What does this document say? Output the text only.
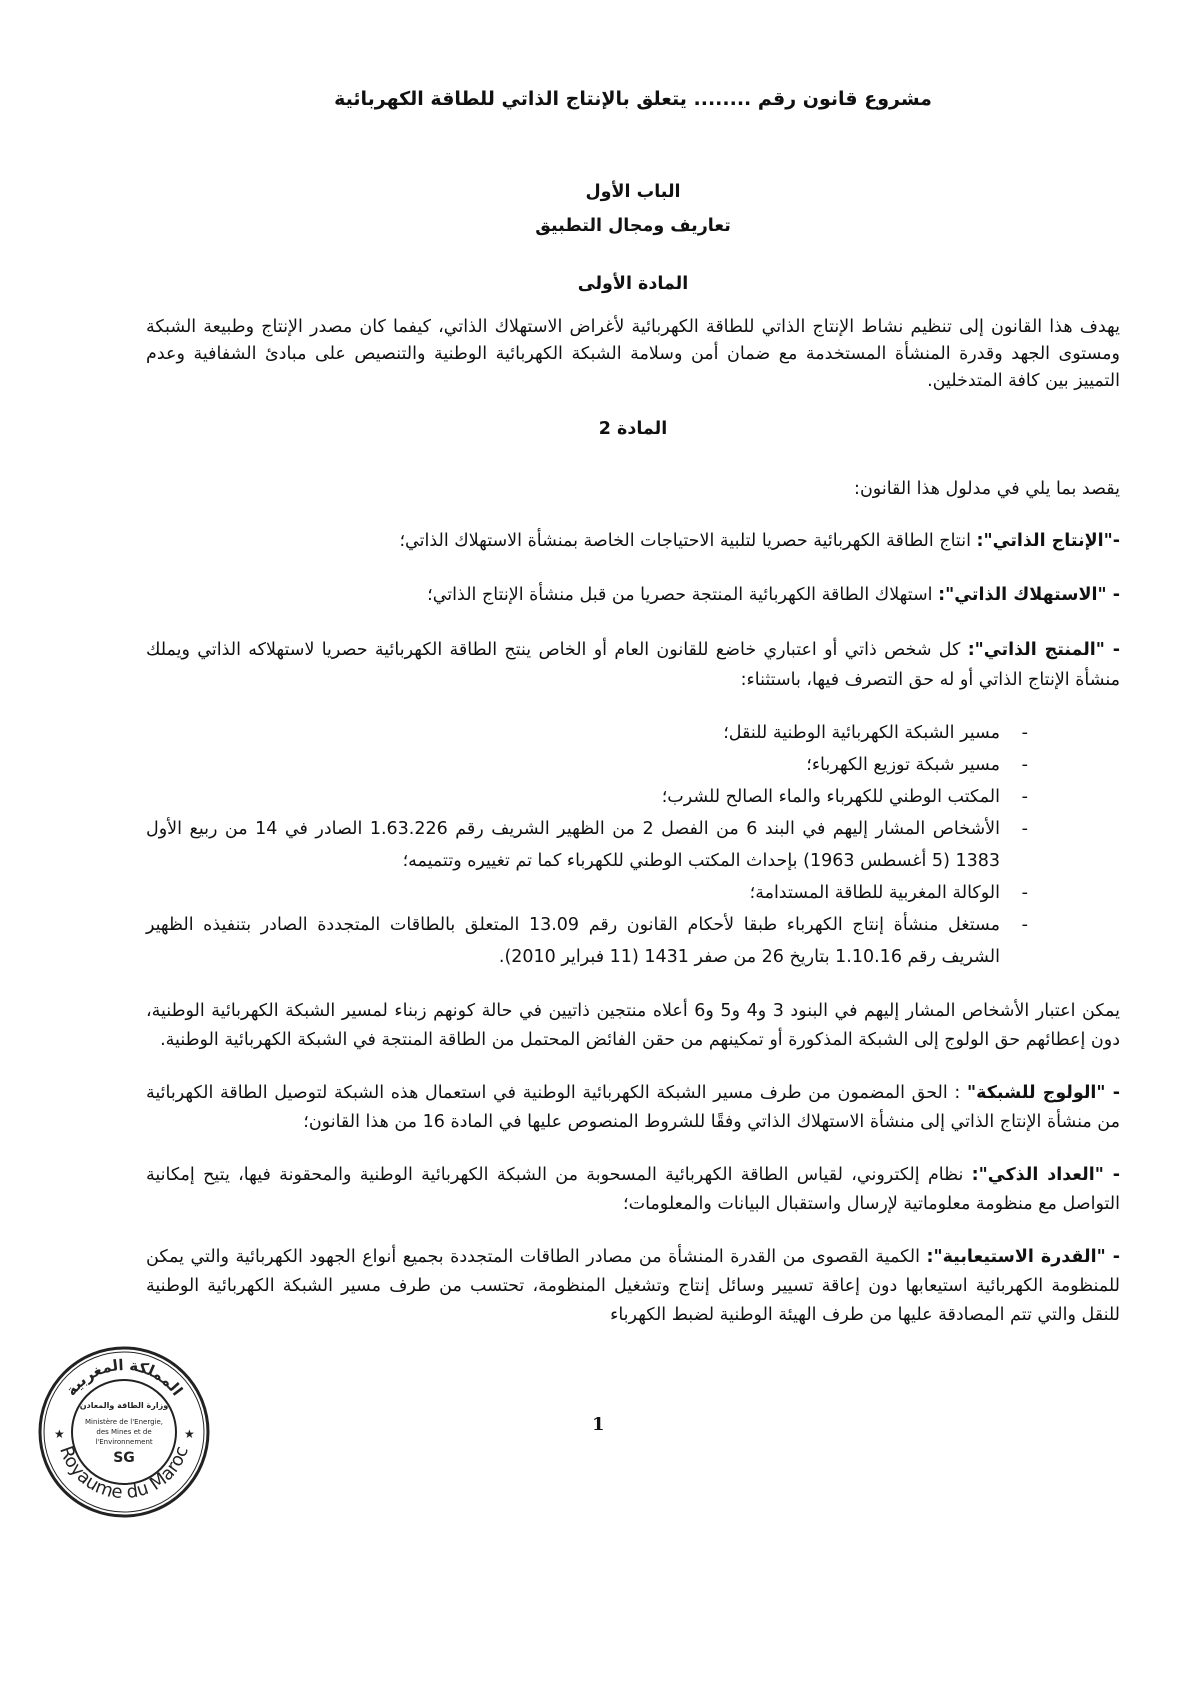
مشروع قانون رقم ........ يتعلق بالإنتاج الذاتي للطاقة الكهربائية
الباب الأول
تعاريف ومجال التطبيق
المادة الأولى
يهدف هذا القانون إلى تنظيم نشاط الإنتاج الذاتي للطاقة الكهربائية لأغراض الاستهلاك الذاتي، كيفما كان مصدر الإنتاج وطبيعة الشبكة ومستوى الجهد وقدرة المنشأة المستخدمة مع ضمان أمن وسلامة الشبكة الكهربائية الوطنية والتنصيص على مبادئ الشفافية وعدم التمييز بين كافة المتدخلين.
المادة 2
يقصد بما يلي في مدلول هذا القانون:
-"الإنتاج الذاتي": انتاج الطاقة الكهربائية حصريا لتلبية الاحتياجات الخاصة بمنشأة الاستهلاك الذاتي؛
- "الاستهلاك الذاتي": استهلاك الطاقة الكهربائية المنتجة حصريا من قبل منشأة الإنتاج الذاتي؛
- "المنتج الذاتي": كل شخص ذاتي أو اعتباري خاضع للقانون العام أو الخاص ينتج الطاقة الكهربائية حصريا لاستهلاكه الذاتي ويملك منشأة الإنتاج الذاتي أو له حق التصرف فيها، باستثناء:
-
مسير الشبكة الكهربائية الوطنية للنقل؛
-
مسير شبكة توزيع الكهرباء؛
-
المكتب الوطني للكهرباء والماء الصالح للشرب؛
-
الأشخاص المشار إليهم في البند 6 من الفصل 2 من الظهير الشريف رقم 1.63.226 الصادر في 14 من ربيع الأول 1383 (5 أغسطس 1963) بإحداث المكتب الوطني للكهرباء كما تم تغييره وتتميمه؛
-
الوكالة المغربية للطاقة المستدامة؛
-
مستغل منشأة إنتاج الكهرباء طبقا لأحكام القانون رقم 13.09 المتعلق بالطاقات المتجددة الصادر بتنفيذه الظهير الشريف رقم 1.10.16 بتاريخ 26 من صفر 1431 (11 فبراير 2010).
يمكن اعتبار الأشخاص المشار إليهم في البنود 3 و4 و5 و6 أعلاه منتجين ذاتيين في حالة كونهم زبناء لمسير الشبكة الكهربائية الوطنية، دون إعطائهم حق الولوج إلى الشبكة المذكورة أو تمكينهم من حقن الفائض المحتمل من الطاقة المنتجة في الشبكة الكهربائية الوطنية.
- "الولوج للشبكة" : الحق المضمون من طرف مسير الشبكة الكهربائية الوطنية في استعمال هذه الشبكة لتوصيل الطاقة الكهربائية من منشأة الإنتاج الذاتي إلى منشأة الاستهلاك الذاتي وفقًا للشروط المنصوص عليها في المادة 16 من هذا القانون؛
- "العداد الذكي": نظام إلكتروني، لقياس الطاقة الكهربائية المسحوبة من الشبكة الكهربائية الوطنية والمحقونة فيها، يتيح إمكانية التواصل مع منظومة معلوماتية لإرسال واستقبال البيانات والمعلومات؛
- "القدرة الاستيعابية": الكمية القصوى من القدرة المنشأة من مصادر الطاقات المتجددة بجميع أنواع الجهود الكهربائية والتي يمكن للمنظومة الكهربائية استيعابها دون إعاقة تسيير وسائل إنتاج وتشغيل المنظومة، تحتسب من طرف مسير الشبكة الكهربائية الوطنية للنقل والتي تتم المصادقة عليها من طرف الهيئة الوطنية لضبط الكهرباء
Royaume du Maroc
المملكة المغربية
★	★
وزارة الطاقة والمعادن
Ministère de l'Energie,
des Mines et de
l'Environnement
SG
1
